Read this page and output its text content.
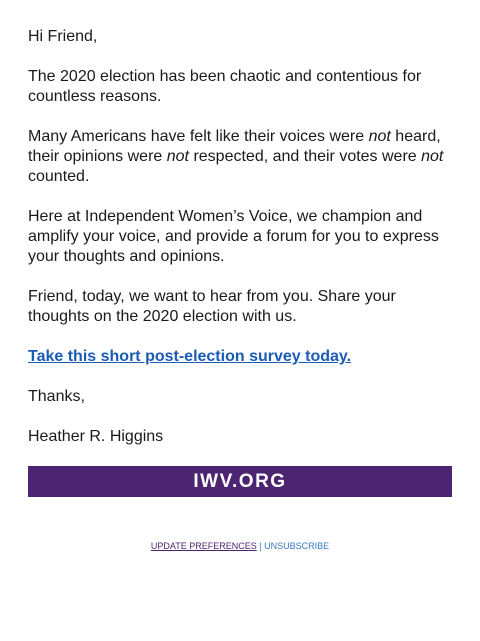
Hi Friend,

The 2020 election has been chaotic and contentious for countless reasons.

Many Americans have felt like their voices were not heard, their opinions were not respected, and their votes were not counted.

Here at Independent Women’s Voice, we champion and amplify your voice, and provide a forum for you to express your thoughts and opinions.

Friend, today, we want to hear from you. Share your thoughts on the 2020 election with us.

Take this short post-election survey today.

Thanks,

Heather R. Higgins

IWV.ORG
UPDATE PREFERENCES | UNSUBSCRIBE
